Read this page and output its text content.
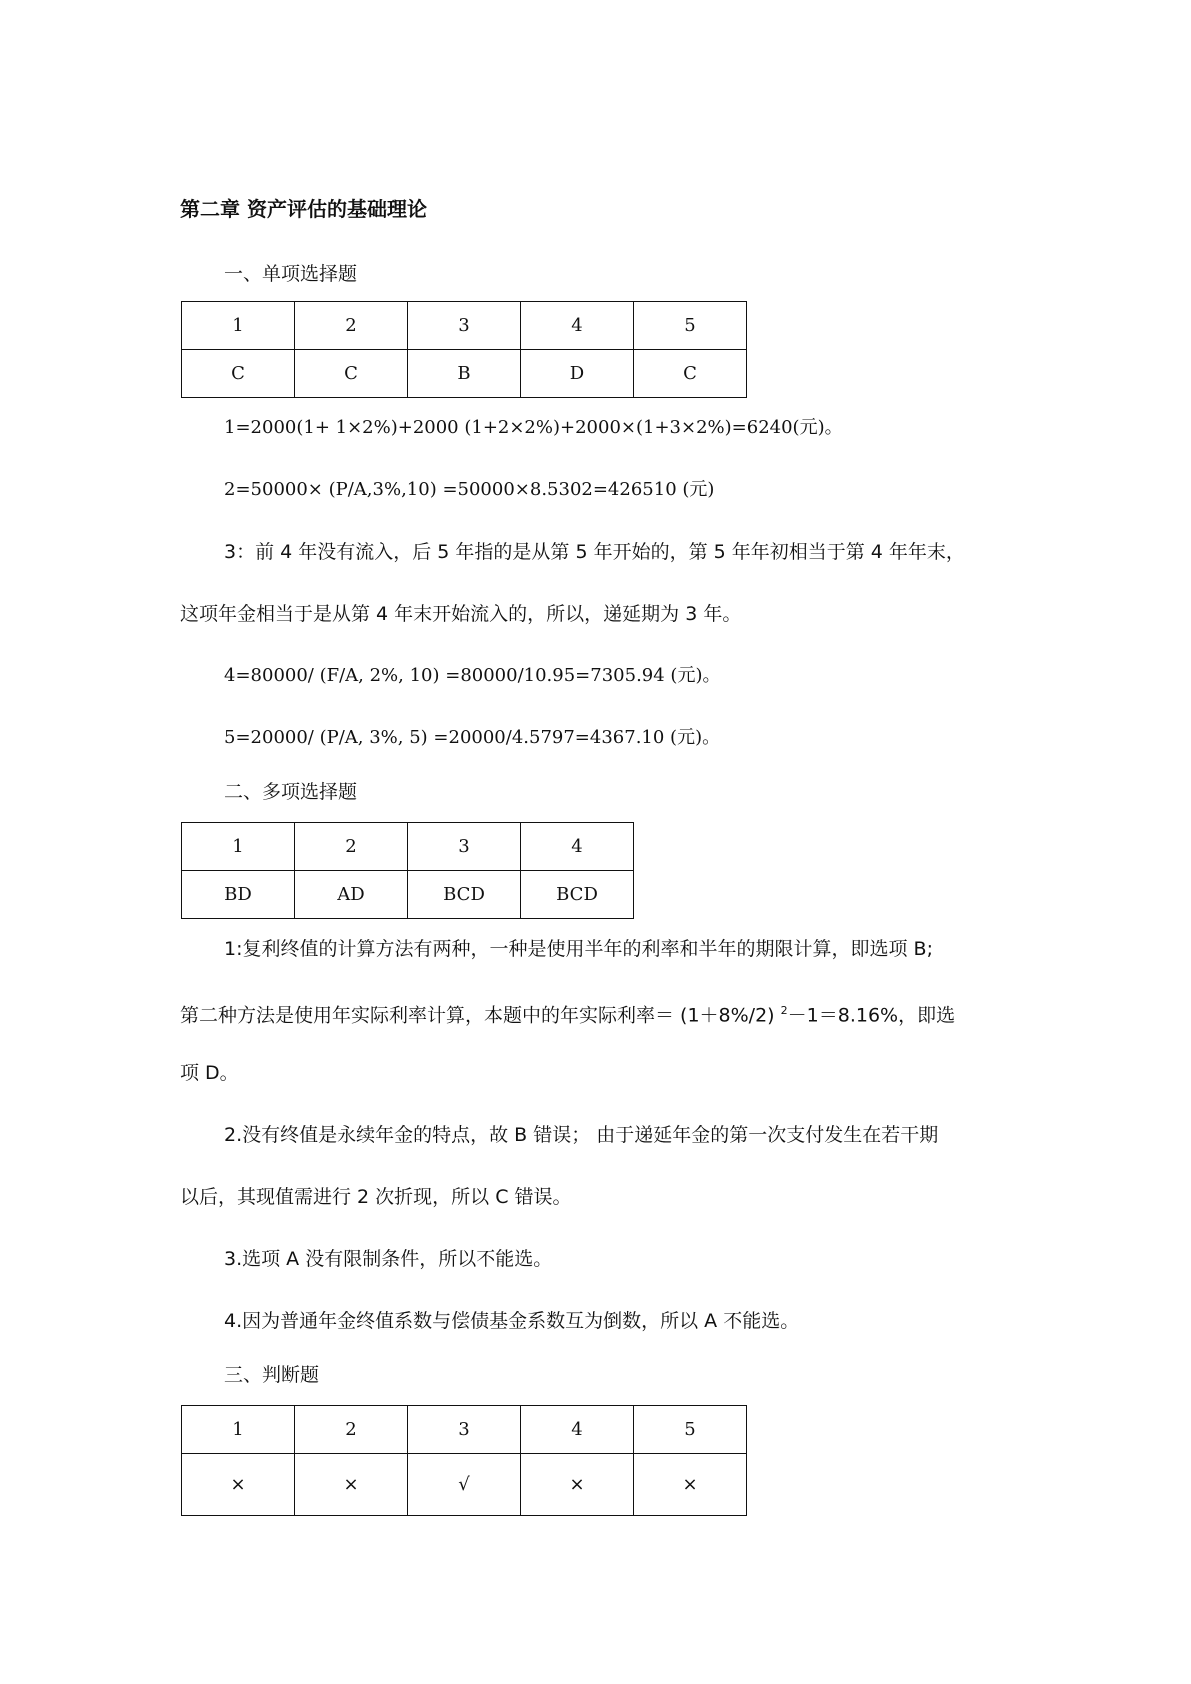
第二章 资产评估的基础理论
一、单项选择题
1	2	3	4	5
C	C	B	D	C
1=2000(1+ 1×2%)+2000 (1+2×2%)+2000×(1+3×2%)=6240(元)。
2=50000× (P/A,3%,10) =50000×8.5302=426510 (元)
3：前 4 年没有流入，后 5 年指的是从第 5 年开始的，第 5 年年初相当于第 4 年年末，
这项年金相当于是从第 4 年末开始流入的，所以，递延期为 3 年。
4=80000/ (F/A, 2%, 10) =80000/10.95=7305.94 (元)。
5=20000/ (P/A, 3%, 5) =20000/4.5797=4367.10 (元)。
二、多项选择题
1	2	3	4
BD	AD	BCD	BCD
1:复利终值的计算方法有两种，一种是使用半年的利率和半年的期限计算，即选项 B;
第二种方法是使用年实际利率计算，本题中的年实际利率＝ (1＋8%/2) $^2$－1＝8.16%，即选
项 D。
2.没有终值是永续年金的特点，故 B 错误； 由于递延年金的第一次支付发生在若干期
以后，其现值需进行 2 次折现，所以 C 错误。
3.选项 A 没有限制条件，所以不能选。
4.因为普通年金终值系数与偿债基金系数互为倒数，所以 A 不能选。
三、判断题
1	2	3	4	5
×	×	√	×	×
